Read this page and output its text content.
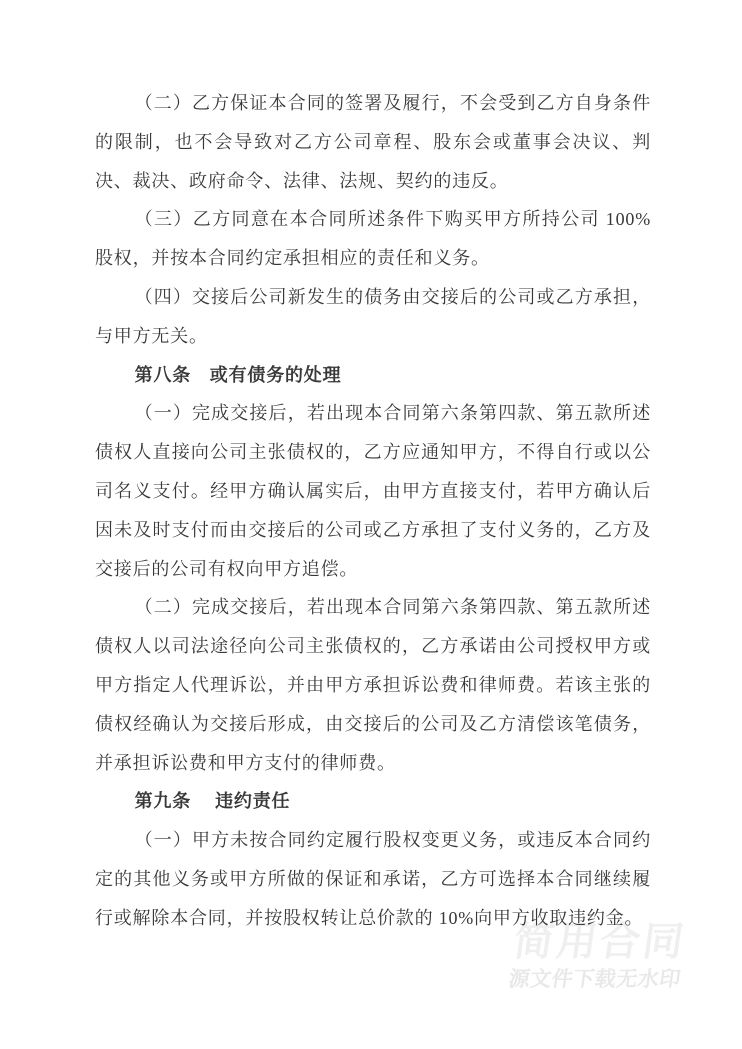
简用合同
源文件下载无水印

（二）乙方保证本合同的签署及履行，不会受到乙方自身条件的限制，也不会导致对乙方公司章程、股东会或董事会决议、判决、裁决、政府命令、法律、法规、契约的违反。

（三）乙方同意在本合同所述条件下购买甲方所持公司 100%股权，并按本合同约定承担相应的责任和义务。

（四）交接后公司新发生的债务由交接后的公司或乙方承担，与甲方无关。

第八条　或有债务的处理

（一）完成交接后，若出现本合同第六条第四款、第五款所述债权人直接向公司主张债权的，乙方应通知甲方，不得自行或以公司名义支付。经甲方确认属实后，由甲方直接支付，若甲方确认后因未及时支付而由交接后的公司或乙方承担了支付义务的，乙方及交接后的公司有权向甲方追偿。

（二）完成交接后，若出现本合同第六条第四款、第五款所述债权人以司法途径向公司主张债权的，乙方承诺由公司授权甲方或甲方指定人代理诉讼，并由甲方承担诉讼费和律师费。若该主张的债权经确认为交接后形成，由交接后的公司及乙方清偿该笔债务，并承担诉讼费和甲方支付的律师费。

第九条　 违约责任

（一）甲方未按合同约定履行股权变更义务，或违反本合同约定的其他义务或甲方所做的保证和承诺，乙方可选择本合同继续履行或解除本合同，并按股权转让总价款的 10%向甲方收取违约金。
